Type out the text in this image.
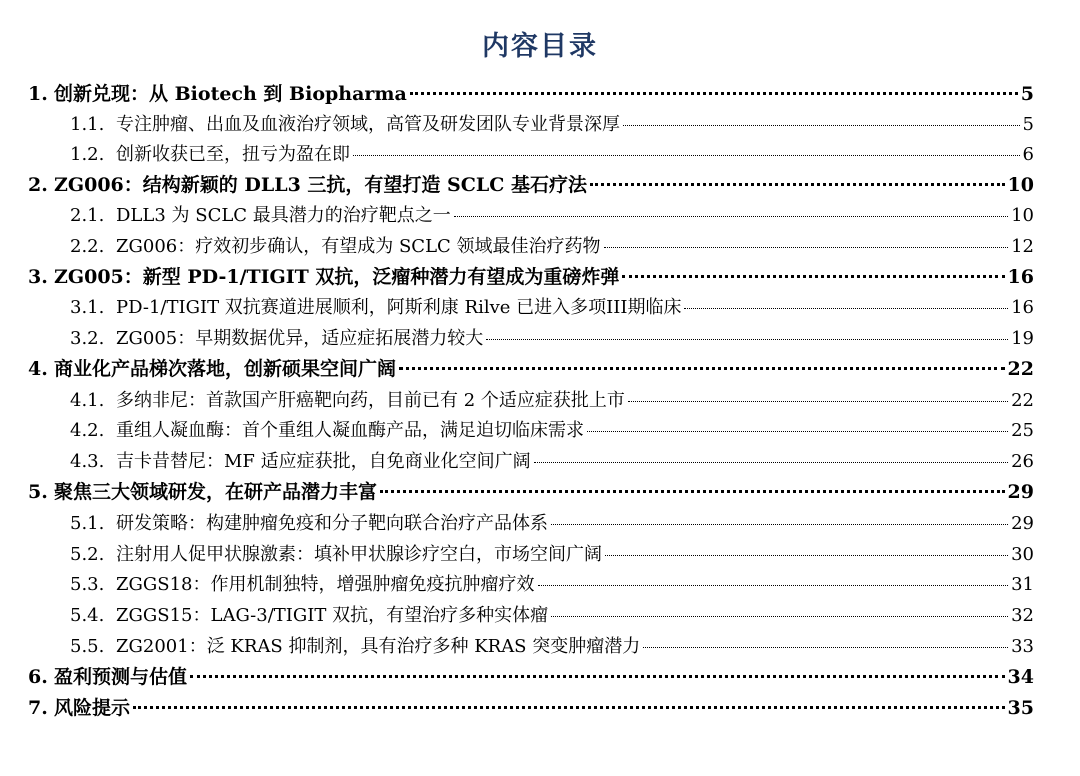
内容目录
1. 创新兑现：从 Biotech 到 Biopharma	5
1.1. 专注肿瘤、出血及血液治疗领域，高管及研发团队专业背景深厚	5
1.2. 创新收获已至，扭亏为盈在即	6
2. ZG006：结构新颖的 DLL3 三抗，有望打造 SCLC 基石疗法	10
2.1. DLL3 为 SCLC 最具潜力的治疗靶点之一	10
2.2. ZG006：疗效初步确认，有望成为 SCLC 领域最佳治疗药物	12
3. ZG005：新型 PD-1/TIGIT 双抗，泛瘤种潜力有望成为重磅炸弹	16
3.1. PD-1/TIGIT 双抗赛道进展顺利，阿斯利康 Rilve 已进入多项III期临床	16
3.2. ZG005：早期数据优异，适应症拓展潜力较大	19
4. 商业化产品梯次落地，创新硕果空间广阔	22
4.1. 多纳非尼：首款国产肝癌靶向药，目前已有 2 个适应症获批上市	22
4.2. 重组人凝血酶：首个重组人凝血酶产品，满足迫切临床需求	25
4.3. 吉卡昔替尼：MF 适应症获批，自免商业化空间广阔	26
5. 聚焦三大领域研发，在研产品潜力丰富	29
5.1. 研发策略：构建肿瘤免疫和分子靶向联合治疗产品体系	29
5.2. 注射用人促甲状腺激素：填补甲状腺诊疗空白，市场空间广阔	30
5.3. ZGGS18：作用机制独特，增强肿瘤免疫抗肿瘤疗效	31
5.4. ZGGS15：LAG-3/TIGIT 双抗，有望治疗多种实体瘤	32
5.5. ZG2001：泛 KRAS 抑制剂，具有治疗多种 KRAS 突变肿瘤潜力	33
6. 盈利预测与估值	34
7. 风险提示	35
